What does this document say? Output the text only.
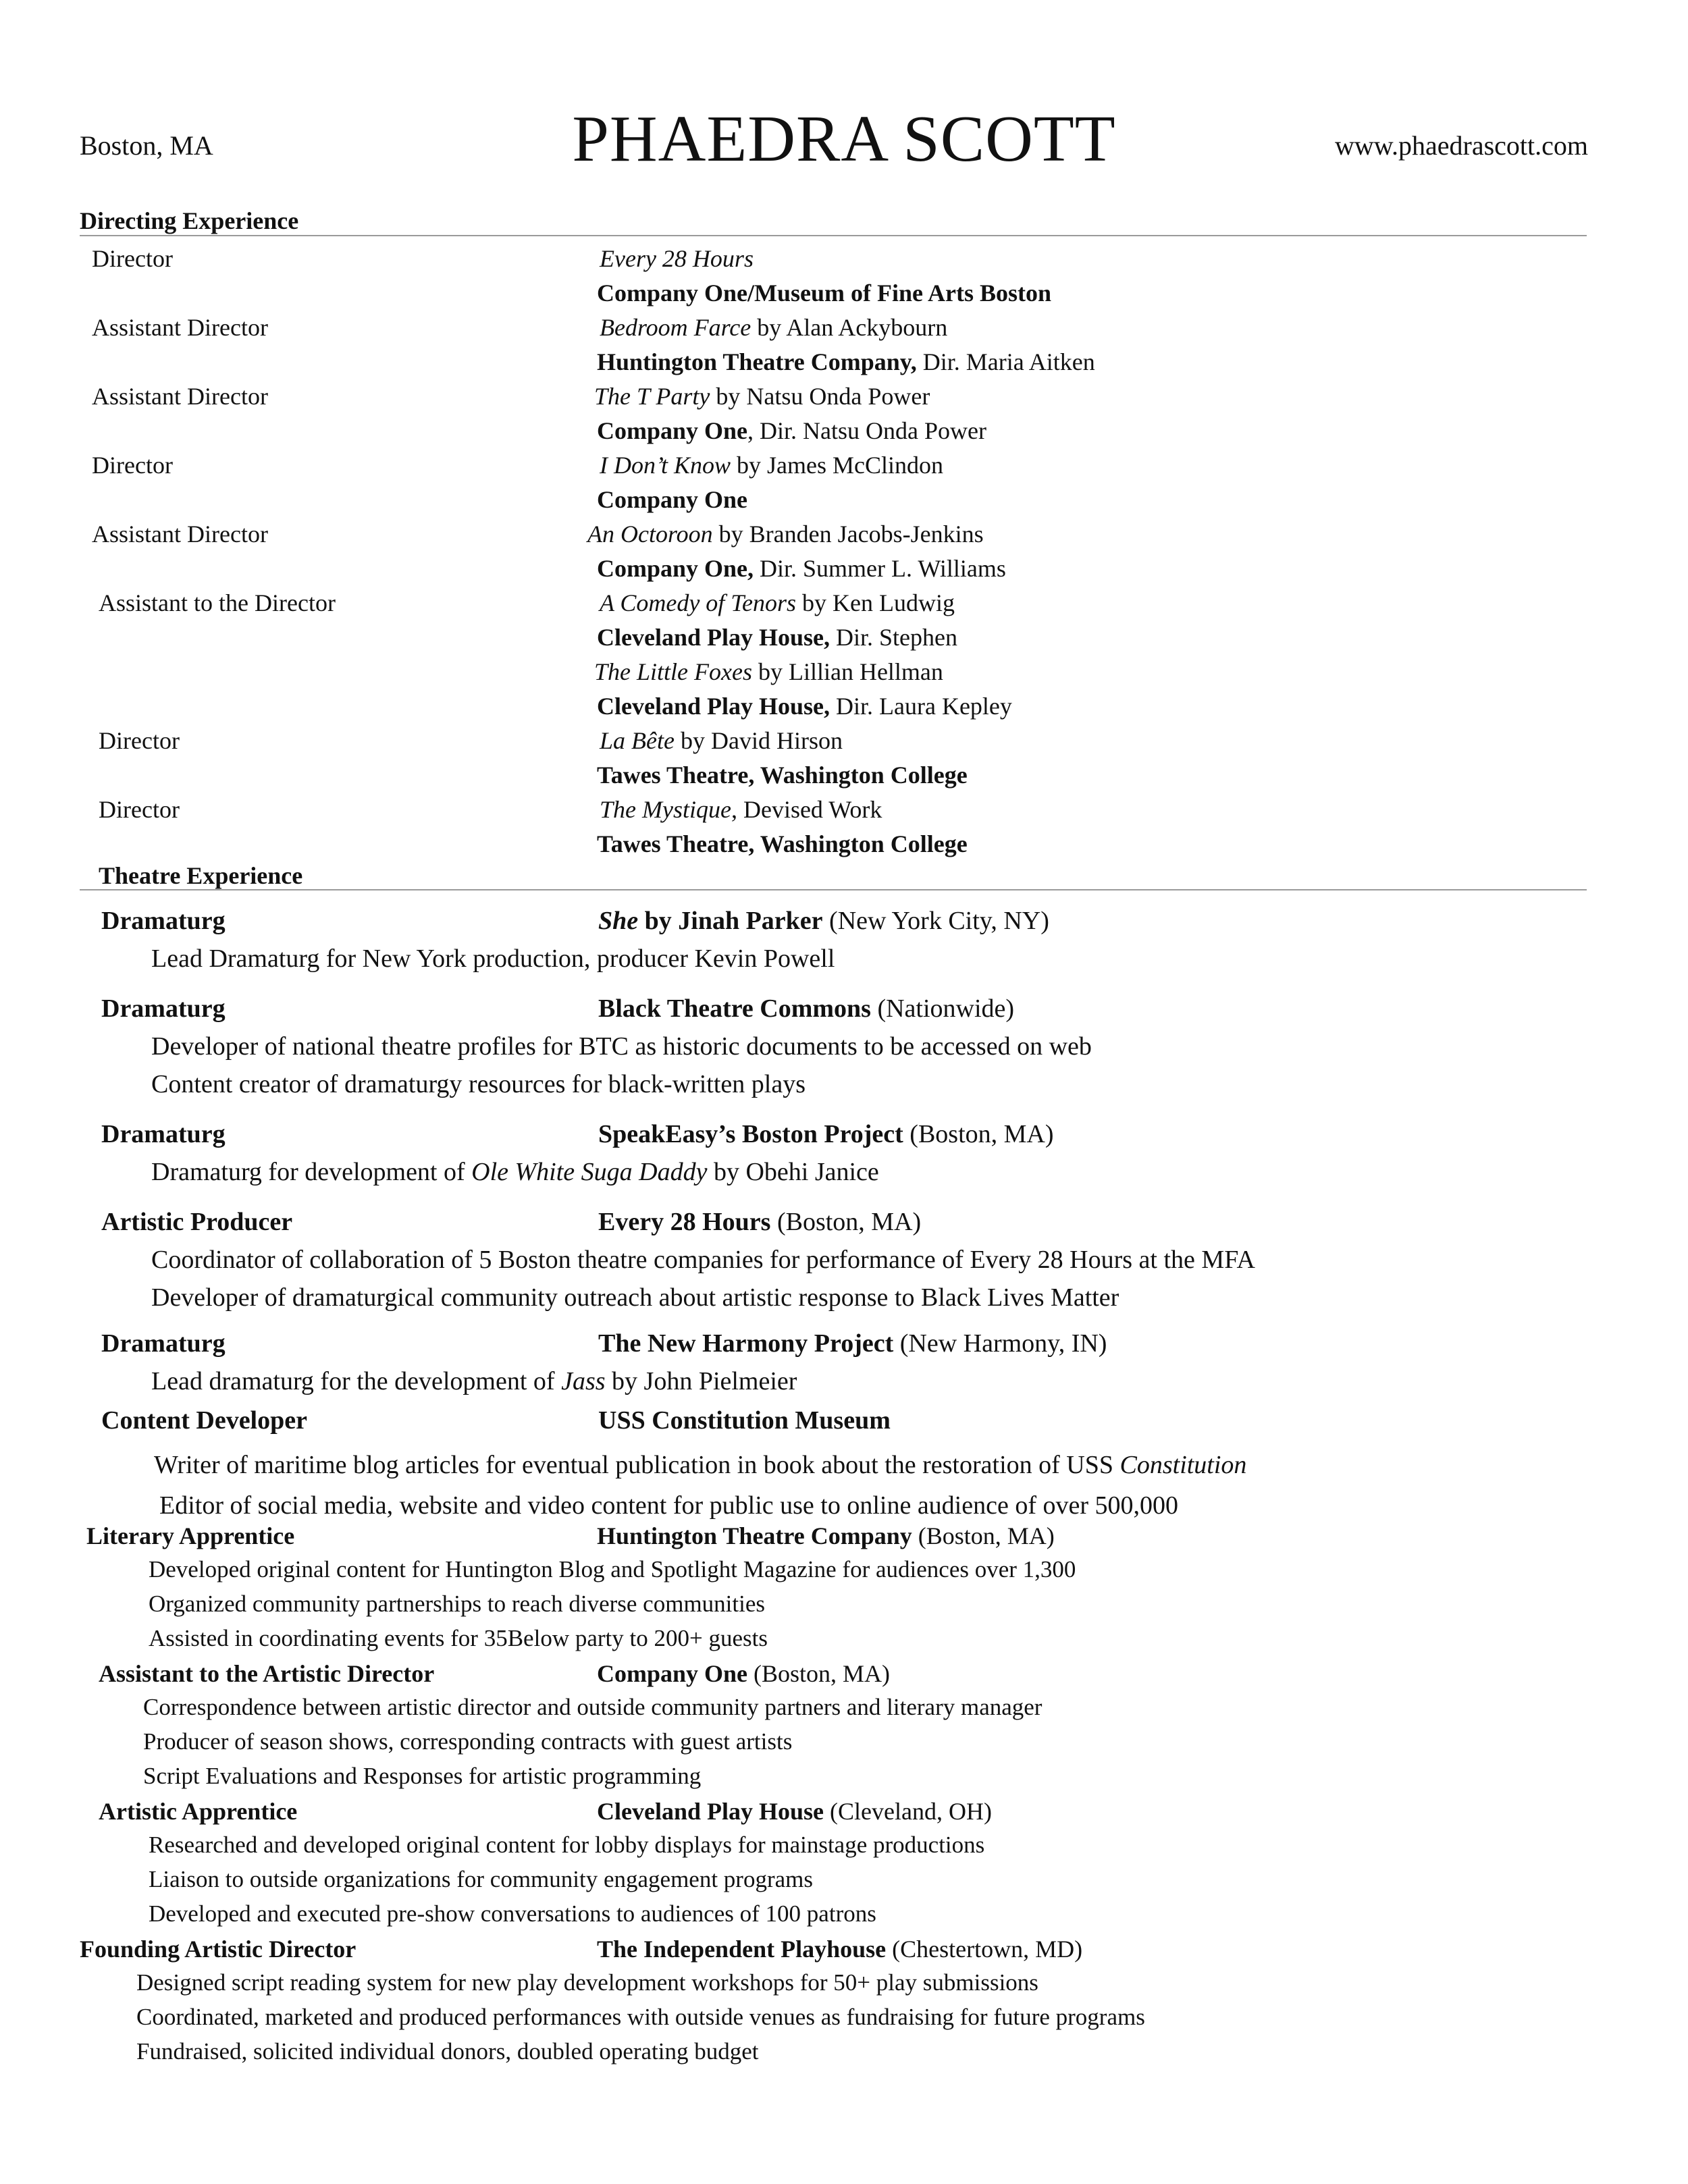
Boston, MA	PHAEDRA SCOTT	www.phaedrascott.com
Directing Experience
Director	Every 28 Hours
Company One/Museum of Fine Arts Boston
Assistant Director	Bedroom Farce by Alan Ackybourn
Huntington Theatre Company, Dir. Maria Aitken
Assistant Director	The T Party by Natsu Onda Power
Company One, Dir. Natsu Onda Power
Director	I Don’t Know by James McClindon
Company One
Assistant Director	An Octoroon by Branden Jacobs-Jenkins
Company One, Dir. Summer L. Williams
Assistant to the Director	A Comedy of Tenors by Ken Ludwig
Cleveland Play House, Dir. Stephen
The Little Foxes by Lillian Hellman
Cleveland Play House, Dir. Laura Kepley
Director	La Bête by David Hirson
Tawes Theatre, Washington College
Director	The Mystique, Devised Work
Tawes Theatre, Washington College
Theatre Experience
Dramaturg	She by Jinah Parker (New York City, NY)
Lead Dramaturg for New York production, producer Kevin Powell
Dramaturg	Black Theatre Commons (Nationwide)
Developer of national theatre profiles for BTC as historic documents to be accessed on web
Content creator of dramaturgy resources for black-written plays
Dramaturg	SpeakEasy’s Boston Project (Boston, MA)
Dramaturg for development of Ole White Suga Daddy by Obehi Janice
Artistic Producer	Every 28 Hours (Boston, MA)
Coordinator of collaboration of 5 Boston theatre companies for performance of Every 28 Hours at the MFA
Developer of dramaturgical community outreach about artistic response to Black Lives Matter
Dramaturg	The New Harmony Project (New Harmony, IN)
Lead dramaturg for the development of Jass by John Pielmeier
Content Developer	USS Constitution Museum
Writer of maritime blog articles for eventual publication in book about the restoration of USS Constitution
Editor of social media, website and video content for public use to online audience of over 500,000
Literary Apprentice	Huntington Theatre Company (Boston, MA)
Developed original content for Huntington Blog and Spotlight Magazine for audiences over 1,300
Organized community partnerships to reach diverse communities
Assisted in coordinating events for 35Below party to 200+ guests
Assistant to the Artistic Director	Company One (Boston, MA)
Correspondence between artistic director and outside community partners and literary manager
Producer of season shows, corresponding contracts with guest artists
Script Evaluations and Responses for artistic programming
Artistic Apprentice	Cleveland Play House (Cleveland, OH)
Researched and developed original content for lobby displays for mainstage productions
Liaison to outside organizations for community engagement programs
Developed and executed pre-show conversations to audiences of 100 patrons
Founding Artistic Director	The Independent Playhouse (Chestertown, MD)
Designed script reading system for new play development workshops for 50+ play submissions
Coordinated, marketed and produced performances with outside venues as fundraising for future programs
Fundraised, solicited individual donors, doubled operating budget
